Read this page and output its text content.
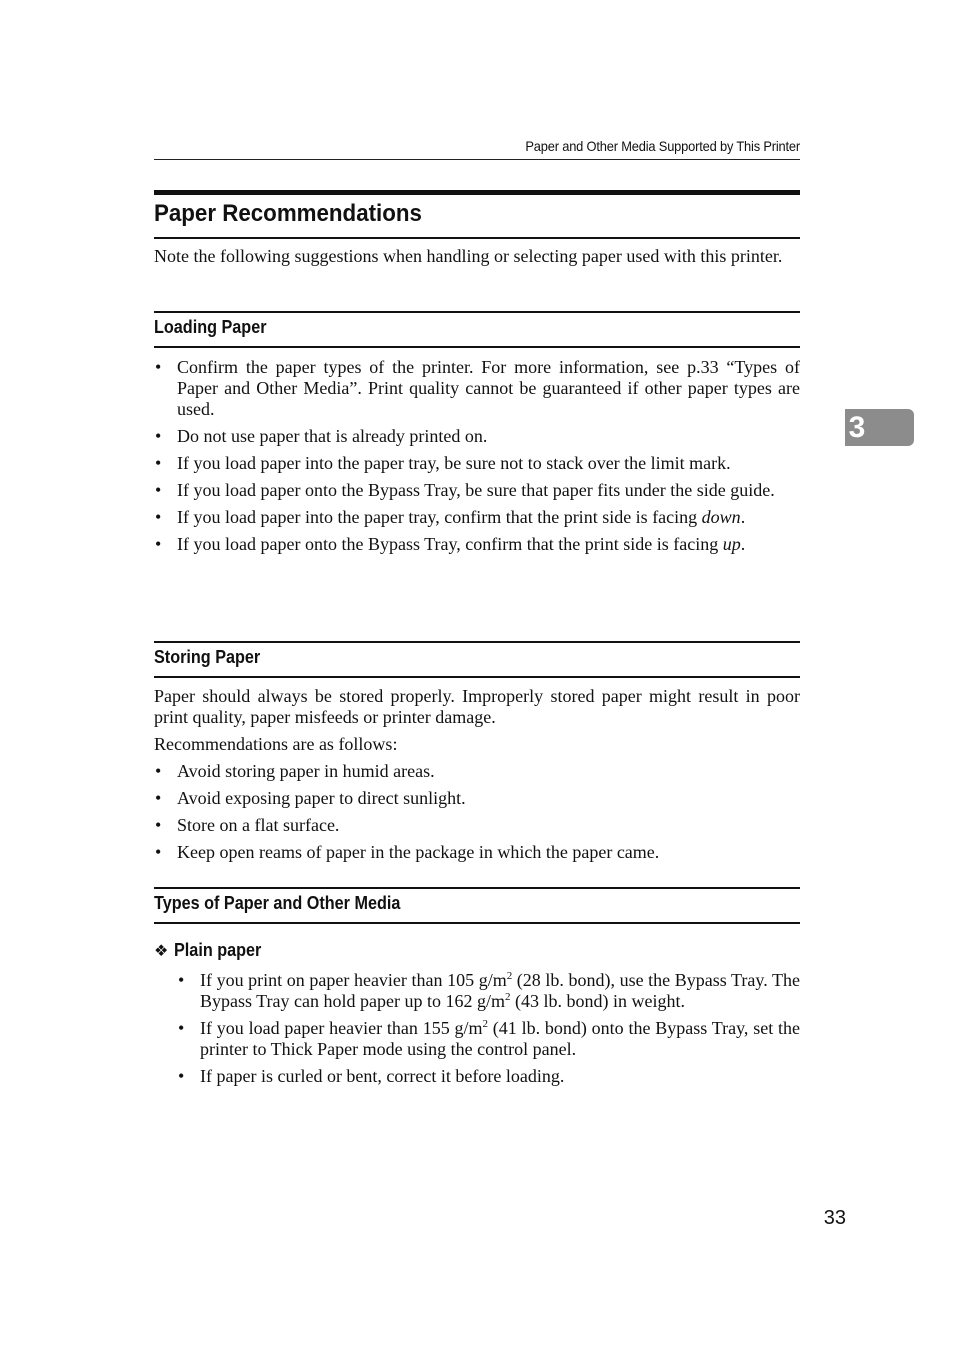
Paper and Other Media Supported by This Printer
Paper Recommendations

Note the following suggestions when handling or selecting paper used with this printer.

Loading Paper
• Confirm the paper types of the printer. For more information, see p.33 “Types of Paper and Other Media”. Print quality cannot be guaranteed if other paper types are used.
• Do not use paper that is already printed on.
• If you load paper into the paper tray, be sure not to stack over the limit mark.
• If you load paper onto the Bypass Tray, be sure that paper fits under the side guide.
• If you load paper into the paper tray, confirm that the print side is facing down.
• If you load paper onto the Bypass Tray, confirm that the print side is facing up.
Storing Paper

Paper should always be stored properly. Improperly stored paper might result in poor print quality, paper misfeeds or printer damage.

Recommendations are as follows:

• Avoid storing paper in humid areas.
• Avoid exposing paper to direct sunlight.
• Store on a flat surface.
• Keep open reams of paper in the package in which the paper came.
Types of Paper and Other Media
❖ Plain paper
• If you print on paper heavier than 105 $g/m^2$ (28 lb. bond), use the Bypass Tray. The Bypass Tray can hold paper up to 162 $g/m^2$ (43 lb. bond) in weight.
• If you load paper heavier than 155 $g/m^2$ (41 lb. bond) onto the Bypass Tray, set the printer to Thick Paper mode using the control panel.
• If paper is curled or bent, correct it before loading.
3
33
